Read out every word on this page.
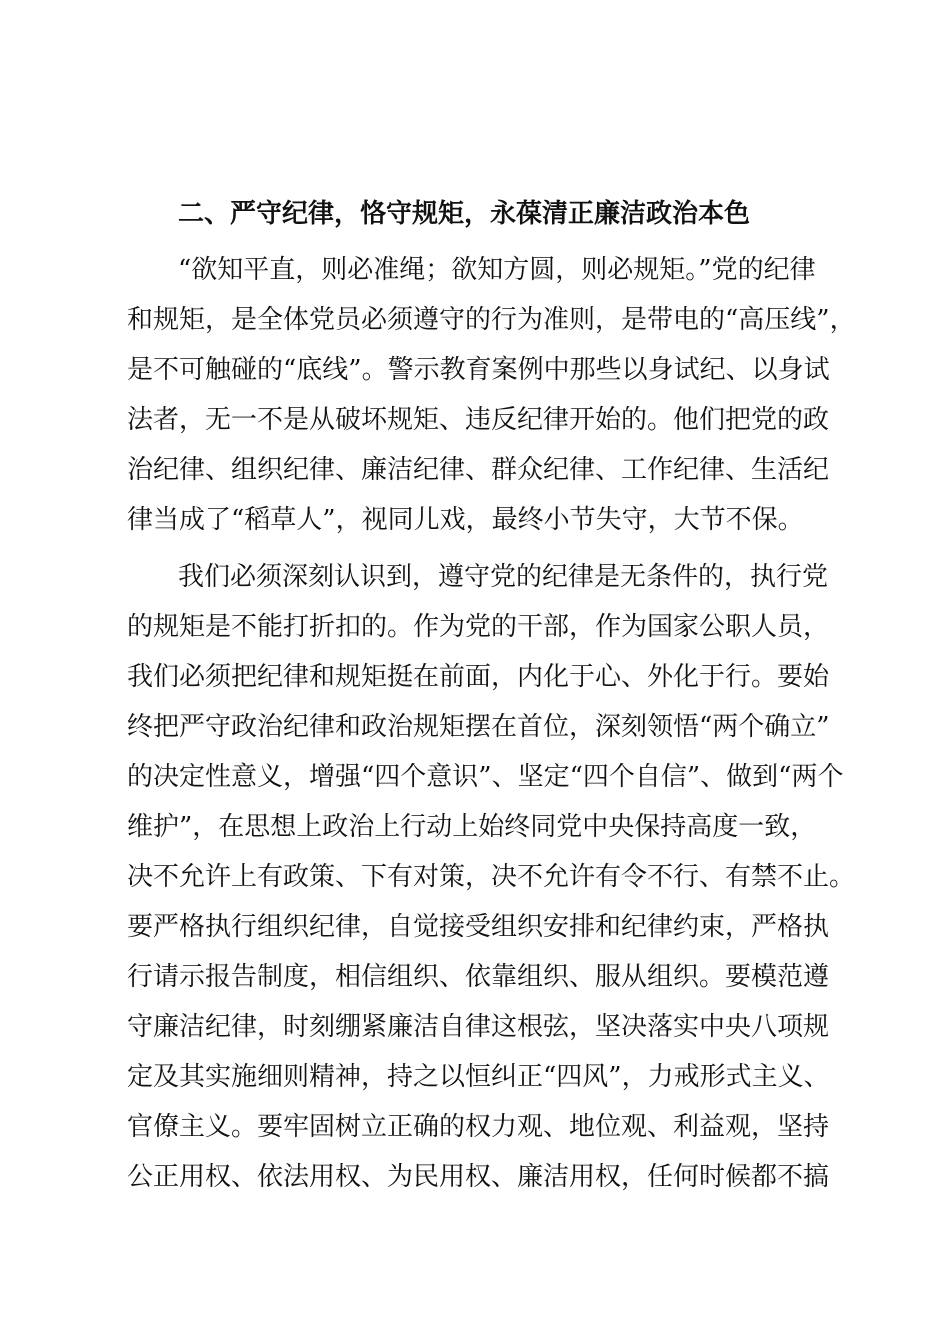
二、严守纪律，恪守规矩，永葆清正廉洁政治本色
“欲知平直，则必准绳；欲知方圆，则必规矩。”党的纪律
和规矩，是全体党员必须遵守的行为准则，是带电的“高压线”，
是不可触碰的“底线”。警示教育案例中那些以身试纪、以身试
法者，无一不是从破坏规矩、违反纪律开始的。他们把党的政
治纪律、组织纪律、廉洁纪律、群众纪律、工作纪律、生活纪
律当成了“稻草人”，视同儿戏，最终小节失守，大节不保。
我们必须深刻认识到，遵守党的纪律是无条件的，执行党
的规矩是不能打折扣的。作为党的干部，作为国家公职人员，
我们必须把纪律和规矩挺在前面，内化于心、外化于行。要始
终把严守政治纪律和政治规矩摆在首位，深刻领悟“两个确立”
的决定性意义，增强“四个意识”、坚定“四个自信”、做到“两个
维护”，在思想上政治上行动上始终同党中央保持高度一致，
决不允许上有政策、下有对策，决不允许有令不行、有禁不止。
要严格执行组织纪律，自觉接受组织安排和纪律约束，严格执
行请示报告制度，相信组织、依靠组织、服从组织。要模范遵
守廉洁纪律，时刻绷紧廉洁自律这根弦，坚决落实中央八项规
定及其实施细则精神，持之以恒纠正“四风”，力戒形式主义、
官僚主义。要牢固树立正确的权力观、地位观、利益观，坚持
公正用权、依法用权、为民用权、廉洁用权，任何时候都不搞
